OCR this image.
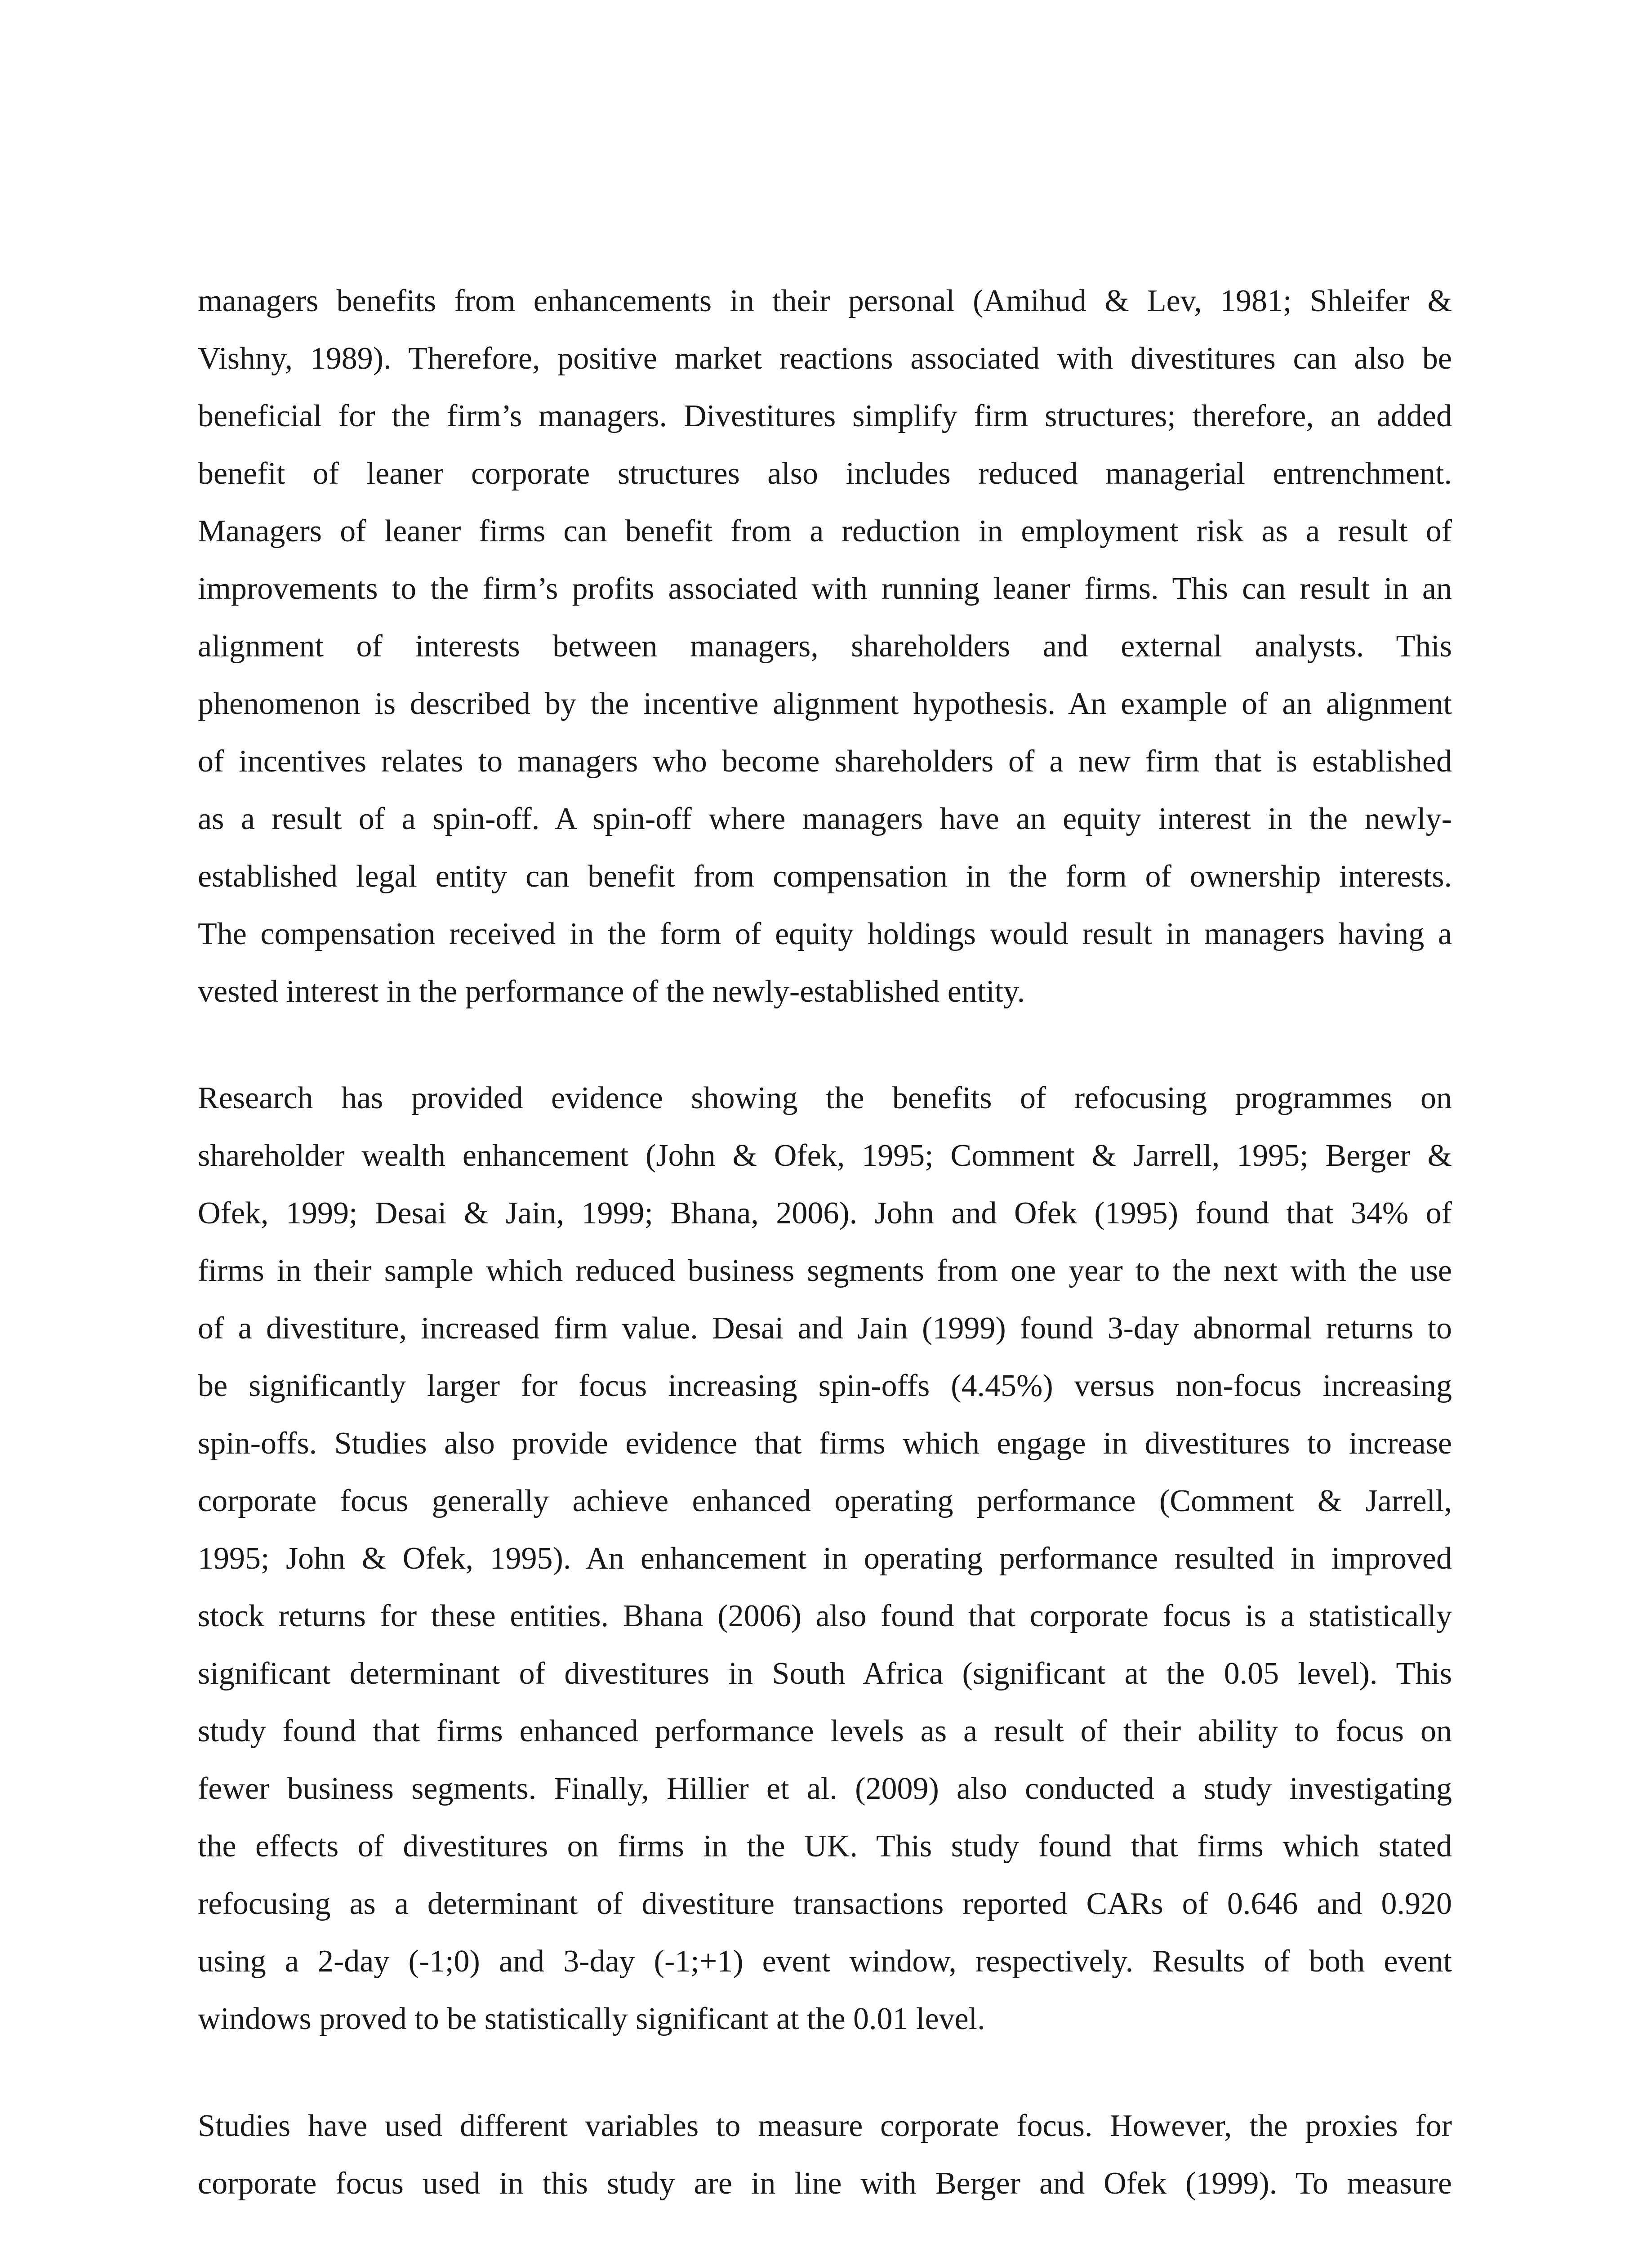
managers benefits from enhancements in their personal (Amihud & Lev, 1981; Shleifer &
Vishny, 1989). Therefore, positive market reactions associated with divestitures can also be
beneficial for the firm’s managers. Divestitures simplify firm structures; therefore, an added
benefit of leaner corporate structures also includes reduced managerial entrenchment.
Managers of leaner firms can benefit from a reduction in employment risk as a result of
improvements to the firm’s profits associated with running leaner firms. This can result in an
alignment of interests between managers, shareholders and external analysts. This
phenomenon is described by the incentive alignment hypothesis. An example of an alignment
of incentives relates to managers who become shareholders of a new firm that is established
as a result of a spin-off. A spin-off where managers have an equity interest in the newly-
established legal entity can benefit from compensation in the form of ownership interests.
The compensation received in the form of equity holdings would result in managers having a
vested interest in the performance of the newly-established entity.
Research has provided evidence showing the benefits of refocusing programmes on
shareholder wealth enhancement (John & Ofek, 1995; Comment & Jarrell, 1995; Berger &
Ofek, 1999; Desai & Jain, 1999; Bhana, 2006). John and Ofek (1995) found that 34% of
firms in their sample which reduced business segments from one year to the next with the use
of a divestiture, increased firm value. Desai and Jain (1999) found 3-day abnormal returns to
be significantly larger for focus increasing spin-offs (4.45%) versus non-focus increasing
spin-offs. Studies also provide evidence that firms which engage in divestitures to increase
corporate focus generally achieve enhanced operating performance (Comment & Jarrell,
1995; John & Ofek, 1995). An enhancement in operating performance resulted in improved
stock returns for these entities. Bhana (2006) also found that corporate focus is a statistically
significant determinant of divestitures in South Africa (significant at the 0.05 level). This
study found that firms enhanced performance levels as a result of their ability to focus on
fewer business segments. Finally, Hillier et al. (2009) also conducted a study investigating
the effects of divestitures on firms in the UK. This study found that firms which stated
refocusing as a determinant of divestiture transactions reported CARs of 0.646 and 0.920
using a 2-day (-1;0) and 3-day (-1;+1) event window, respectively. Results of both event
windows proved to be statistically significant at the 0.01 level.
Studies have used different variables to measure corporate focus. However, the proxies for
corporate focus used in this study are in line with Berger and Ofek (1999). To measure
